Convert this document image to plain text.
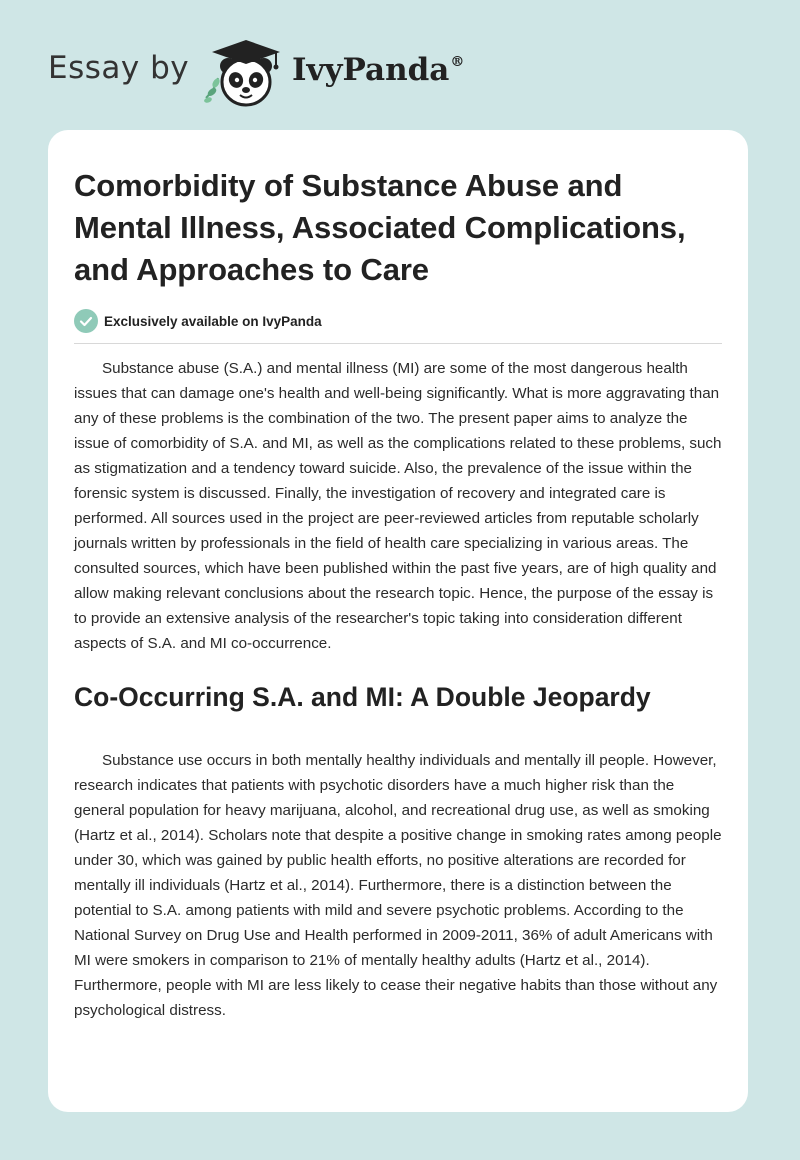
Essay by	IvyPanda®
Comorbidity of Substance Abuse and Mental Illness, Associated Complications, and Approaches to Care
Exclusively available on IvyPanda

Substance abuse (S.A.) and mental illness (MI) are some of the most dangerous health issues that can damage one's health and well-being significantly. What is more aggravating than any of these problems is the combination of the two. The present paper aims to analyze the issue of comorbidity of S.A. and MI, as well as the complications related to these problems, such as stigmatization and a tendency toward suicide. Also, the prevalence of the issue within the forensic system is discussed. Finally, the investigation of recovery and integrated care is performed. All sources used in the project are peer-reviewed articles from reputable scholarly journals written by professionals in the field of health care specializing in various areas. The consulted sources, which have been published within the past five years, are of high quality and allow making relevant conclusions about the research topic. Hence, the purpose of the essay is to provide an extensive analysis of the researcher's topic taking into consideration different aspects of S.A. and MI co-occurrence.

Co-Occurring S.A. and MI: A Double Jeopardy

Substance use occurs in both mentally healthy individuals and mentally ill people. However, research indicates that patients with psychotic disorders have a much higher risk than the general population for heavy marijuana, alcohol, and recreational drug use, as well as smoking (Hartz et al., 2014). Scholars note that despite a positive change in smoking rates among people under 30, which was gained by public health efforts, no positive alterations are recorded for mentally ill individuals (Hartz et al., 2014). Furthermore, there is a distinction between the potential to S.A. among patients with mild and severe psychotic problems. According to the National Survey on Drug Use and Health performed in 2009-2011, 36% of adult Americans with MI were smokers in comparison to 21% of mentally healthy adults (Hartz et al., 2014). Furthermore, people with MI are less likely to cease their negative habits than those without any psychological distress.
